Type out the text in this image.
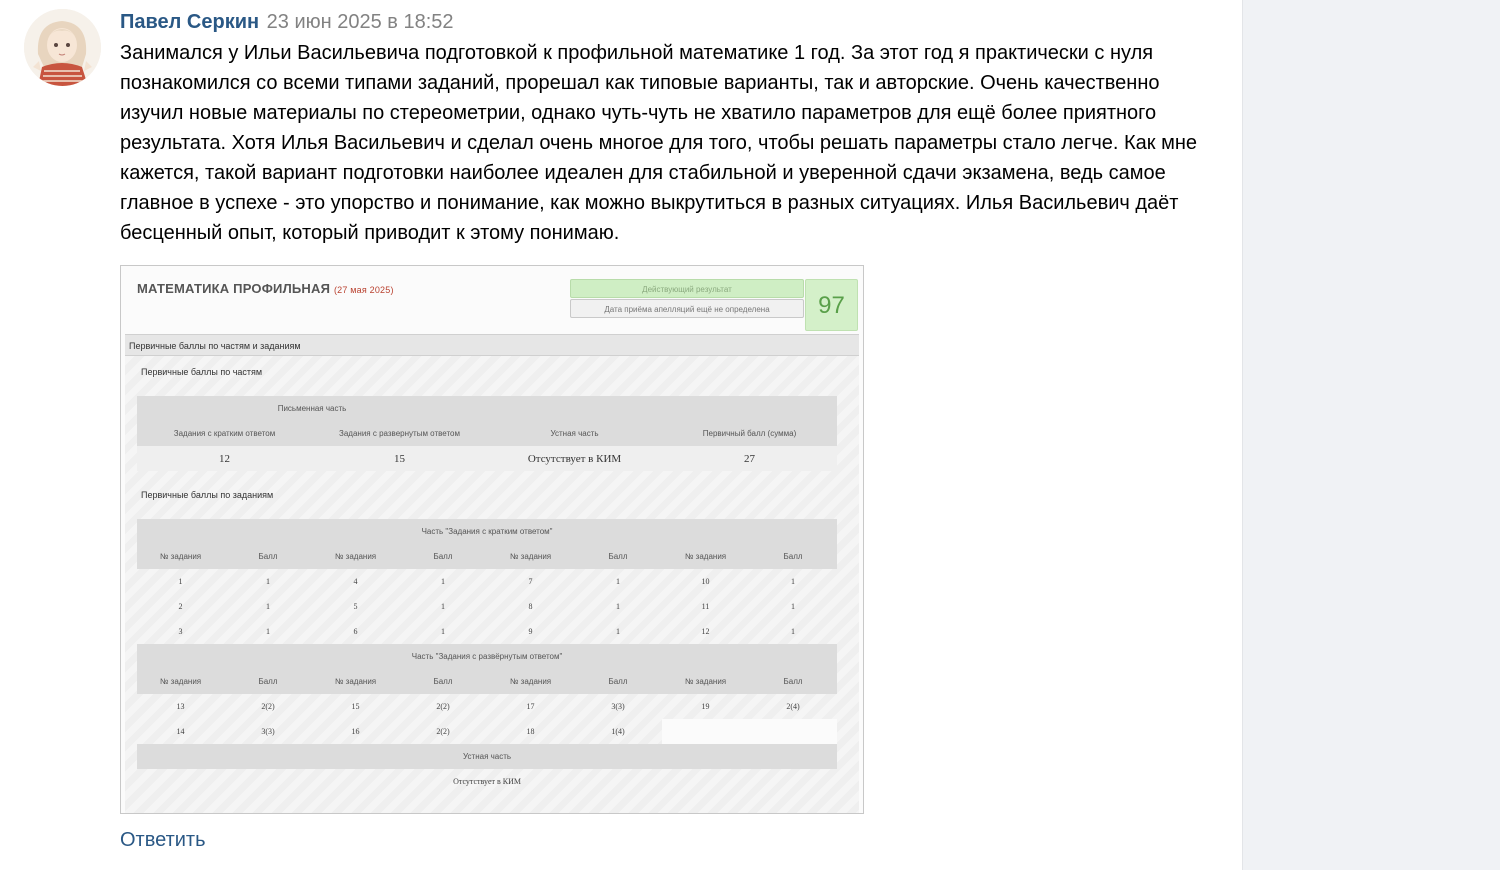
Павел Серкин 23 июн 2025 в 18:52
Занимался у Ильи Васильевича подготовкой к профильной математике 1 год. За этот год я практически с нуля познакомился со всеми типами заданий, прорешал как типовые варианты, так и авторские. Очень качественно изучил новые материалы по стереометрии, однако чуть-чуть не хватило параметров для ещё более приятного результата. Хотя Илья Васильевич и сделал очень многое для того, чтобы решать параметры стало легче. Как мне кажется, такой вариант подготовки наиболее идеален для стабильной и уверенной сдачи экзамена, ведь самое главное в успехе - это упорство и понимание, как можно выкрутиться в разных ситуациях. Илья Васильевич даёт бесценный опыт, который приводит к этому понимаю.
МАТЕМАТИКА ПРОФИЛЬНАЯ (27 мая 2025)	Действующий результат
Дата приёма апелляций ещё не определена	97
Первичные баллы по частям и заданиям
Первичные баллы по частям
Письменная часть			
Задания с кратким ответом	Задания с развернутым ответом	Устная часть	Первичный балл (сумма)
12	15	Отсутствует в КИМ	27
Первичные баллы по заданиям
Часть "Задания с кратким ответом"							
№ задания	Балл	№ задания	Балл	№ задания	Балл	№ задания	Балл
1	1	4	1	7	1	10	1
2	1	5	1	8	1	11	1
3	1	6	1	9	1	12	1
Часть "Задания с развёрнутым ответом"							
№ задания	Балл	№ задания	Балл	№ задания	Балл	№ задания	Балл
13	2(2)	15	2(2)	17	3(3)	19	2(4)
14	3(3)	16	2(2)	18	1(4)		
Устная часть							
Отсутствует в КИМ							
Ответить
